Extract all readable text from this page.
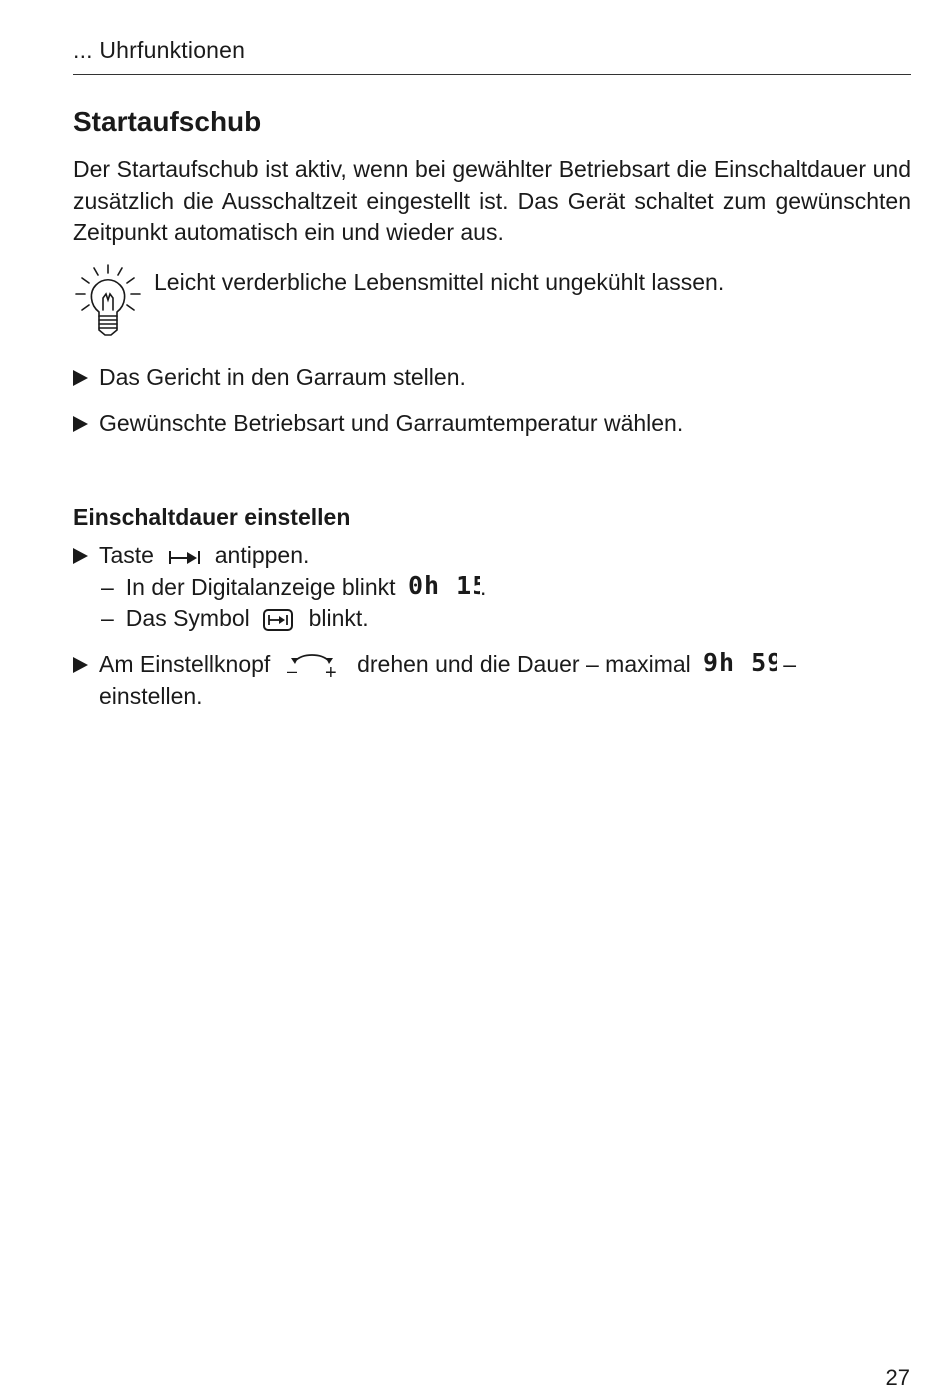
... Uhrfunktionen
Startaufschub

Der Startaufschub ist aktiv, wenn bei gewählter Betriebsart die Einschaltdauer und zusätzlich die Ausschaltzeit eingestellt ist. Das Gerät schaltet zum gewünschten Zeitpunkt automatisch ein und wieder aus.

Leicht verderbliche Lebensmittel nicht ungekühlt lassen.
Das Gericht in den Garraum stellen.
Gewünschte Betriebsart und Garraumtemperatur wählen.
Einschaltdauer einstellen
Taste	antippen.
– In der Digitalanzeige blinkt 0h 1 .
– Das Symbol	blinkt.
Am Einstellknopf – + drehen und die Dauer – maximal 9h 59 –
einstellen.
27
